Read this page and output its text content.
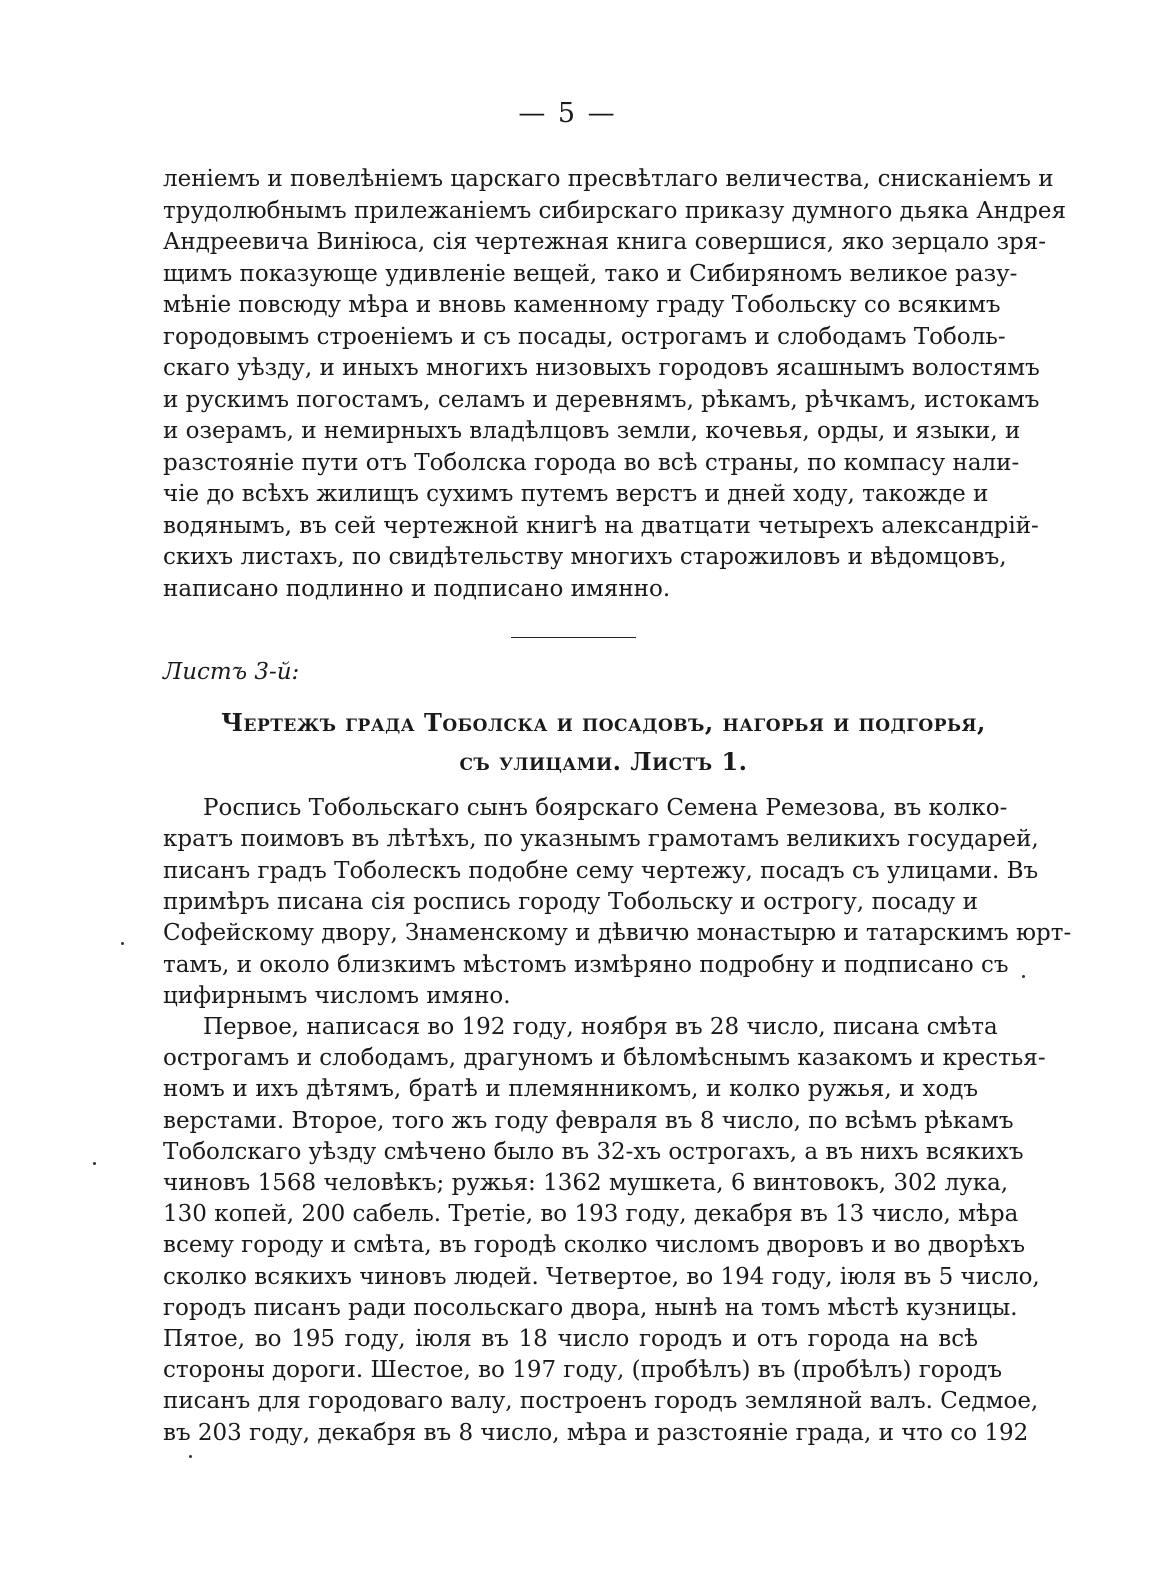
— 5 —
леніемъ и повелѣніемъ царскаго пресвѣтлаго величества, снисканіемъ и
трудолюбнымъ прилежаніемъ сибирскаго приказу думного дьяка Андрея
Андреевича Виніюса, сія чертежная книга совершися, яко зерцало зря-
щимъ показующе удивленіе вещей, тако и Сибиряномъ великое разу-
мѣніе повсюду мѣра и вновь каменному граду Тобольску со всякимъ
городовымъ строеніемъ и съ посады, острогамъ и слободамъ Тоболь-
скаго уѣзду, и иныхъ многихъ низовыхъ городовъ ясашнымъ волостямъ
и рускимъ погостамъ, селамъ и деревнямъ, рѣкамъ, рѣчкамъ, истокамъ
и озерамъ, и немирныхъ владѣлцовъ земли, кочевья, орды, и языки, и
разстояніе пути отъ Тоболска города во всѣ страны, по компасу нали-
чіе до всѣхъ жилищъ сухимъ путемъ верстъ и дней ходу, такожде и
водянымъ, въ сей чертежной книгѣ на дватцати четырехъ александрій-
скихъ листахъ, по свидѣтельству многихъ старожиловъ и вѣдомцовъ,
написано подлинно и подписано имянно.
Листъ 3-й:
Чертежъ града Тоболска и посадовъ, нагорья и подгорья,
съ улицами. Листъ 1.
Роспись Тобольскаго сынъ боярскаго Семена Ремезова, въ колко-
кратъ поимовъ въ лѣтѣхъ, по указнымъ грамотамъ великихъ государей,
писанъ градъ Тоболескъ подобне сему чертежу, посадъ съ улицами. Въ
примѣръ писана сія роспись городу Тобольску и острогу, посаду и
Софейскому двору, Знаменскому и дѣвичю монастырю и татарскимъ юрт-
тамъ, и около близкимъ мѣстомъ измѣряно подробну и подписано съ
цифирнымъ числомъ имяно.
Первое, написася во 192 году, ноября въ 28 число, писана смѣта
острогамъ и слободамъ, драгуномъ и бѣломѣснымъ казакомъ и крестья-
номъ и ихъ дѣтямъ, братѣ и племянникомъ, и колко ружья, и ходъ
верстами. Второе, того жъ году февраля въ 8 число, по всѣмъ рѣкамъ
Тоболскаго уѣзду смѣчено было въ 32-хъ острогахъ, а въ нихъ всякихъ
чиновъ 1568 человѣкъ; ружья: 1362 мушкета, 6 винтовокъ, 302 лука,
130 копей, 200 сабель. Третіе, во 193 году, декабря въ 13 число, мѣра
всему городу и смѣта, въ городѣ сколко числомъ дворовъ и во дворѣхъ
сколко всякихъ чиновъ людей. Четвертое, во 194 году, іюля въ 5 число,
городъ писанъ ради посольскаго двора, нынѣ на томъ мѣстѣ кузницы.
Пятое, во 195 году, іюля въ 18 число городъ и отъ города на всѣ
стороны дороги. Шестое, во 197 году, (пробѣлъ) въ (пробѣлъ) городъ
писанъ для городоваго валу, построенъ городъ земляной валъ. Седмое,
въ 203 году, декабря въ 8 число, мѣра и разстояніе града, и что со 192
